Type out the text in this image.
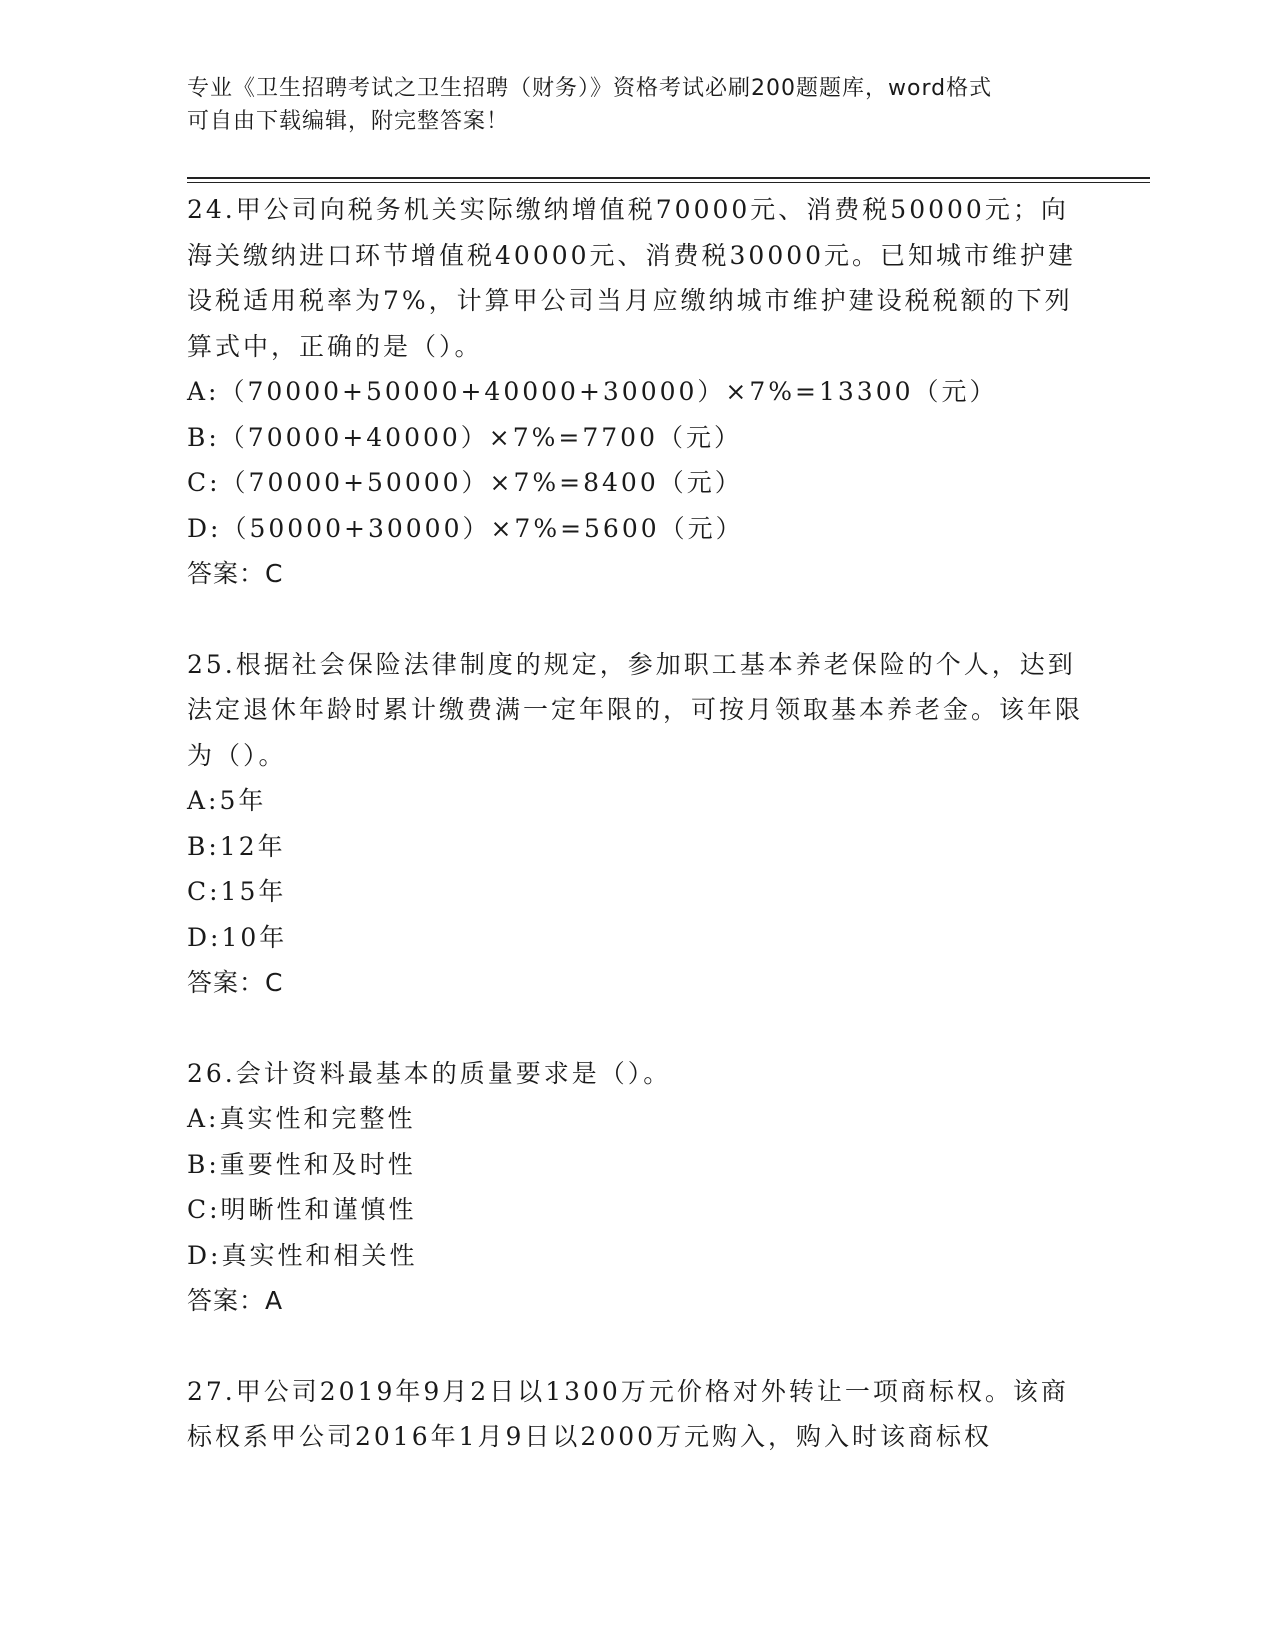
专业《卫生招聘考试之卫生招聘（财务）》资格考试必刷200题题库，word格式
可自由下载编辑，附完整答案！

24.甲公司向税务机关实际缴纳增值税70000元、消费税50000元；向海关缴纳进口环节增值税40000元、消费税30000元。已知城市维护建设税适用税率为7%，计算甲公司当月应缴纳城市维护建设税税额的下列算式中，正确的是（）。

A:（70000+50000+40000+30000）×7%=13300（元）

B:（70000+40000）×7%=7700（元）

C:（70000+50000）×7%=8400（元）

D:（50000+30000）×7%=5600（元）

答案：C

25.根据社会保险法律制度的规定，参加职工基本养老保险的个人，达到法定退休年龄时累计缴费满一定年限的，可按月领取基本养老金。该年限为（）。

A:5年

B:12年

C:15年

D:10年

答案：C

26.会计资料最基本的质量要求是（）。

A:真实性和完整性

B:重要性和及时性

C:明晰性和谨慎性

D:真实性和相关性

答案：A

27.甲公司2019年9月2日以1300万元价格对外转让一项商标权。该商标权系甲公司2016年1月9日以2000万元购入，购入时该商标权
